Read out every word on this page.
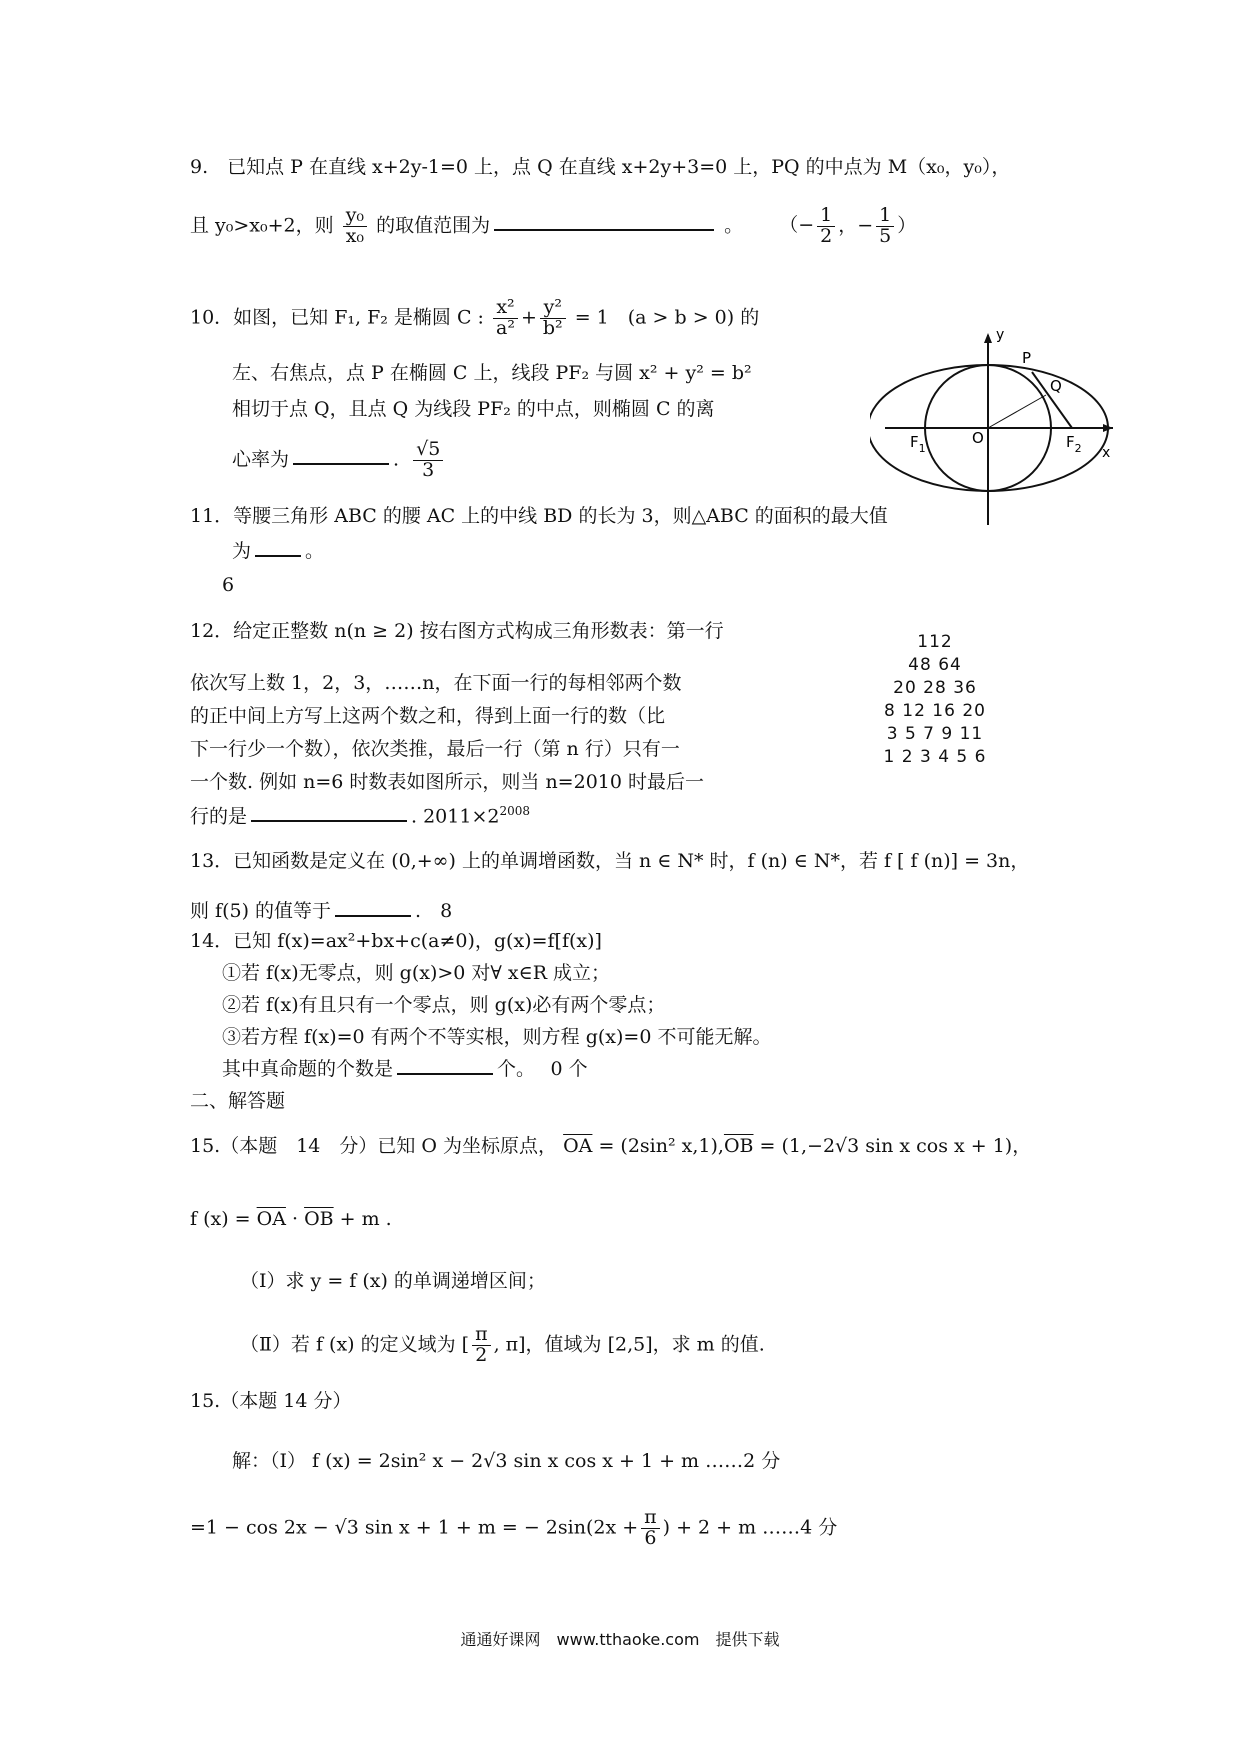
9.　已知点 P 在直线 x+2y-1=0 上，点 Q 在直线 x+2y+3=0 上，PQ 的中点为 M（x₀，y₀），
且 y₀>x₀+2，则 $\frac{\text{y₀}}{\text{x₀}}$ 的取值范围为	。 （− $\frac{1}{2}$ ，− $\frac{1}{5}$ ）
10．如图，已知 F₁, F₂ 是椭圆 C : $\frac{\text{x²}}{\text{a²}} + \frac{\text{y²}}{\text{b²}} = 1$　(a > b > 0) 的
左、右焦点，点 P 在椭圆 C 上，线段 PF₂ 与圆 x² + y² = b²
相切于点 Q，且点 Q 为线段 PF₂ 的中点，则椭圆 C 的离
心率为	. $\frac{√5}{3}$
y
x
P
Q
O
$F_1$	$F_2$
11．等腰三角形 ABC 的腰 AC 上的中线 BD 的长为 3，则△ABC 的面积的最大值
为	。
6
12．给定正整数 n(n ≥ 2) 按右图方式构成三角形数表：第一行
依次写上数 1，2，3，……n，在下面一行的每相邻两个数
的正中间上方写上这两个数之和，得到上面一行的数（比
下一行少一个数），依次类推，最后一行（第 n 行）只有一
一个数. 例如 n=6 时数表如图所示，则当 n=2010 时最后一
行的是	. $2011\times 2^{2008}$
112
48 64
20 28 36
8 12 16 20
3 5 7 9 11
1 2 3 4 5 6
13．已知函数是定义在 (0,+∞) 上的单调增函数，当 n ∈ N* 时，f (n) ∈ N*，若 f [ f (n)] = 3n，
则 f(5) 的值等于	.　8
14．已知 f(x)=ax²+bx+c(a≠0)，g(x)=f[f(x)]
①若 f(x)无零点，则 g(x)>0 对∀ x∈R 成立；
②若 f(x)有且只有一个零点，则 g(x)必有两个零点；
③若方程 f(x)=0 有两个不等实根，则方程 g(x)=0 不可能无解。
其中真命题的个数是	个。　 0 个
二、解答题
15.（本题　14　分）已知 O 为坐标原点， $\overline{OA} = (2\sin^2$ $x,1),\overline{OB} = (1,-2√3$ sin x cos x + 1)，
f $(x) = \overline{OA} \cdot \overline{OB} + m$ .
（Ⅰ）求 y = f (x) 的单调递增区间；
（Ⅱ）若 f (x) 的定义域为 [ $\frac{\pi}{2}$ , π]，值域为 [2,5]，求 m 的值.
15.（本题 14 分）
解：（Ⅰ） f (x) = 2sin² x − 2√3 sin x cos x + 1 + m ……2 分
=1 − cos 2x − √3 sin x + 1 + m = − $2\sin(2x + \frac{\pi}{6}$ ) + 2 + m ……4 分
通通好课网　www.tthaoke.com　提供下载
